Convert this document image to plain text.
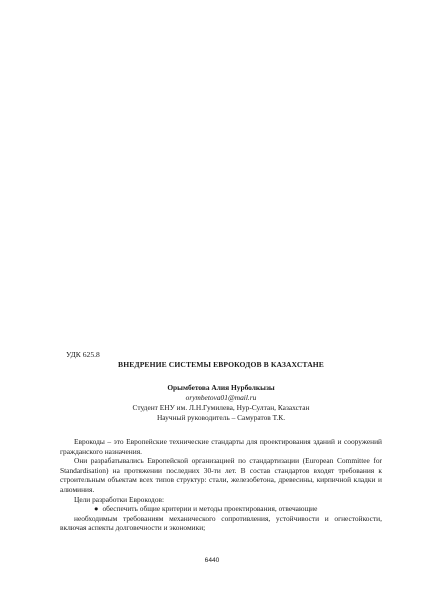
УДК 625.8
ВНЕДРЕНИЕ СИСТЕМЫ ЕВРОКОДОВ В КАЗАХСТАНЕ
Орымбетова Алия Нурболкызы
orymbetova01@mail.ru
Студент ЕНУ им. Л.Н.Гумилева, Нур-Султан, Казахстан
Научный руководитель – Самуратов Т.К.

Еврокоды – это Европейские технические стандарты для проектирования зданий и сооружений гражданского назначения.

Они разрабатывались Европейской организацией по стандартизации (European Committee for Standardisation) на протяжении последних 30-ти лет. В состав стандартов входят требования к строительным объектам всех типов структур: стали, железобетона, древесины, кирпичной кладки и алюминия.

Цели разработки Еврокодов:

● обеспечить общие критерии и методы проектирования, отвечающие

необходимым требованиям механического сопротивления, устойчивости и огнестойкости, включая аспекты долговечности и экономики;

6440
